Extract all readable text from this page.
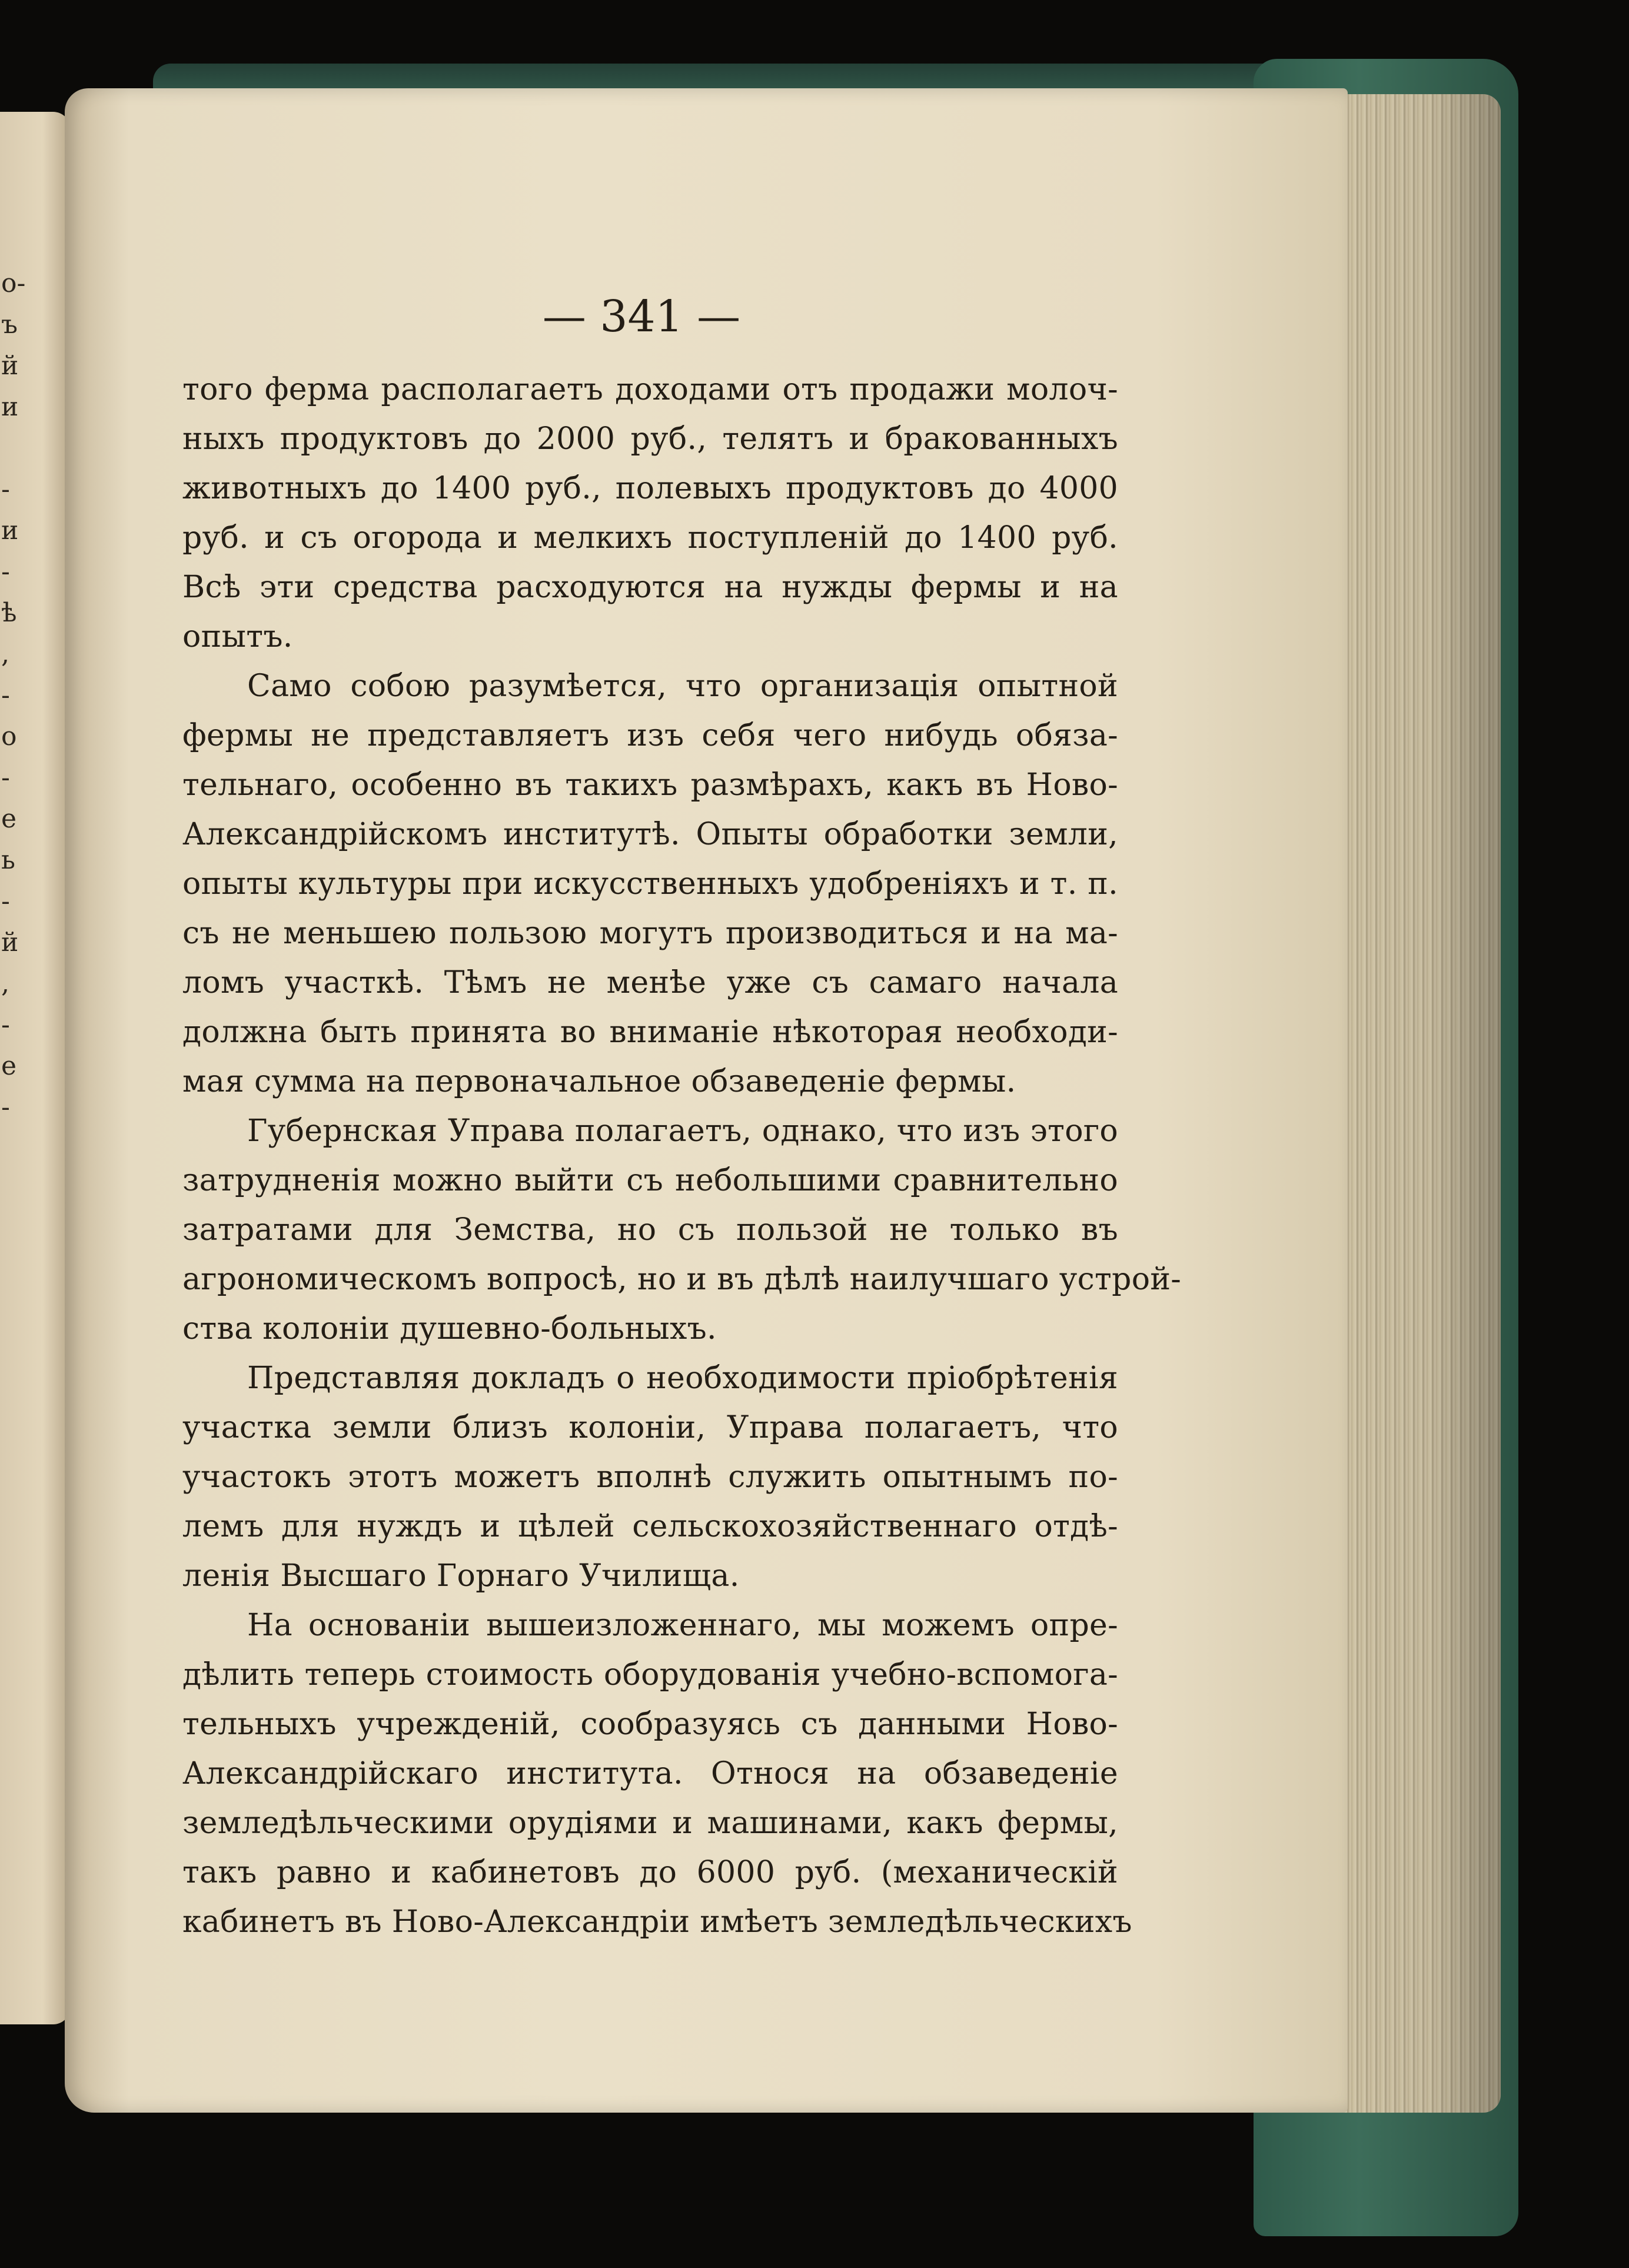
о-
ъ
й
и
-
и
-
ѣ
,
-
о
-
е
ь
-
й
,
-
е
-
— 341 —
того ферма располагаетъ доходами отъ продажи молоч-
ныхъ продуктовъ до 2000 руб., телятъ и бракованныхъ
животныхъ до 1400 руб., полевыхъ продуктовъ до 4000
руб. и съ огорода и мелкихъ поступленій до 1400 руб.
Всѣ эти средства расходуются на нужды фермы и на
опытъ.
Само собою разумѣется, что организація опытной
фермы не представляетъ изъ себя чего нибудь обяза-
тельнаго, особенно въ такихъ размѣрахъ, какъ въ Ново-
Александрійскомъ институтѣ. Опыты обработки земли,
опыты культуры при искусственныхъ удобреніяхъ и т. п.
съ не меньшею пользою могутъ производиться и на ма-
ломъ участкѣ. Тѣмъ не менѣе уже съ самаго начала
должна быть принята во вниманіе нѣкоторая необходи-
мая сумма на первоначальное обзаведеніе фермы.
Губернская Управа полагаетъ, однако, что изъ этого
затрудненія можно выйти съ небольшими сравнительно
затратами для Земства, но съ пользой не только въ
агрономическомъ вопросѣ, но и въ дѣлѣ наилучшаго устрой-
ства колоніи душевно-больныхъ.
Представляя докладъ о необходимости пріобрѣтенія
участка земли близъ колоніи, Управа полагаетъ, что
участокъ этотъ можетъ вполнѣ служить опытнымъ по-
лемъ для нуждъ и цѣлей сельскохозяйственнаго отдѣ-
ленія Высшаго Горнаго Училища.
На основаніи вышеизложеннаго, мы можемъ опре-
дѣлить теперь стоимость оборудованія учебно-вспомога-
тельныхъ учрежденій, сообразуясь съ данными Ново-
Александрійскаго института. Относя на обзаведеніе
земледѣльческими орудіями и машинами, какъ фермы,
такъ равно и кабинетовъ до 6000 руб. (механическій
кабинетъ въ Ново-Александріи имѣетъ земледѣльческихъ
